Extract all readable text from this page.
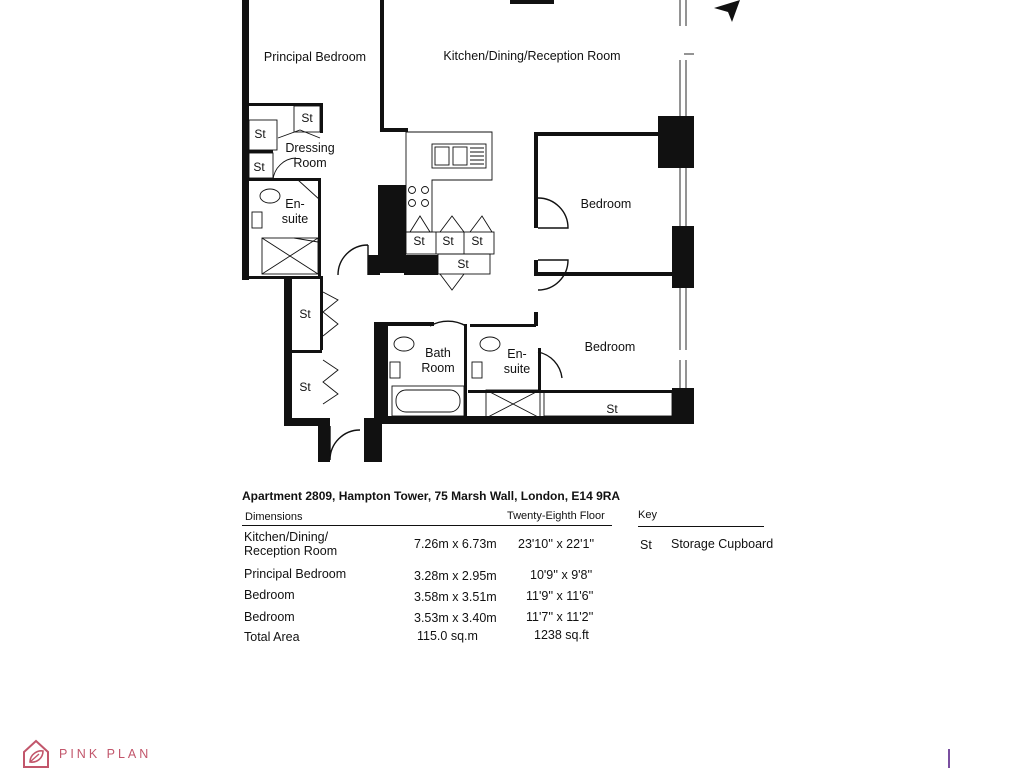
Principal Bedroom	Kitchen/Dining/Reception Room
Dressing
Room
En-
suite
Bedroom
Bedroom
Bath
Room
En-
suite
St
St
St
St St St
St
St
St
St
Apartment 2809, Hampton Tower, 75 Marsh Wall, London, E14 9RA
Dimensions	Twenty-Eighth Floor	Key
Kitchen/Dining/
Reception Room	7.26m x 6.73m 23'10'' x 22'1''
Principal Bedroom	3.28m x 2.95m	10'9'' x 9'8''
Bedroom	3.58m x 3.51m 11'9'' x 11'6''
Bedroom	3.53m x 3.40m 11'7'' x 11'2''
Total Area	115.0 sq.m	1238 sq.ft
St Storage Cupboard
PINK PLAN
